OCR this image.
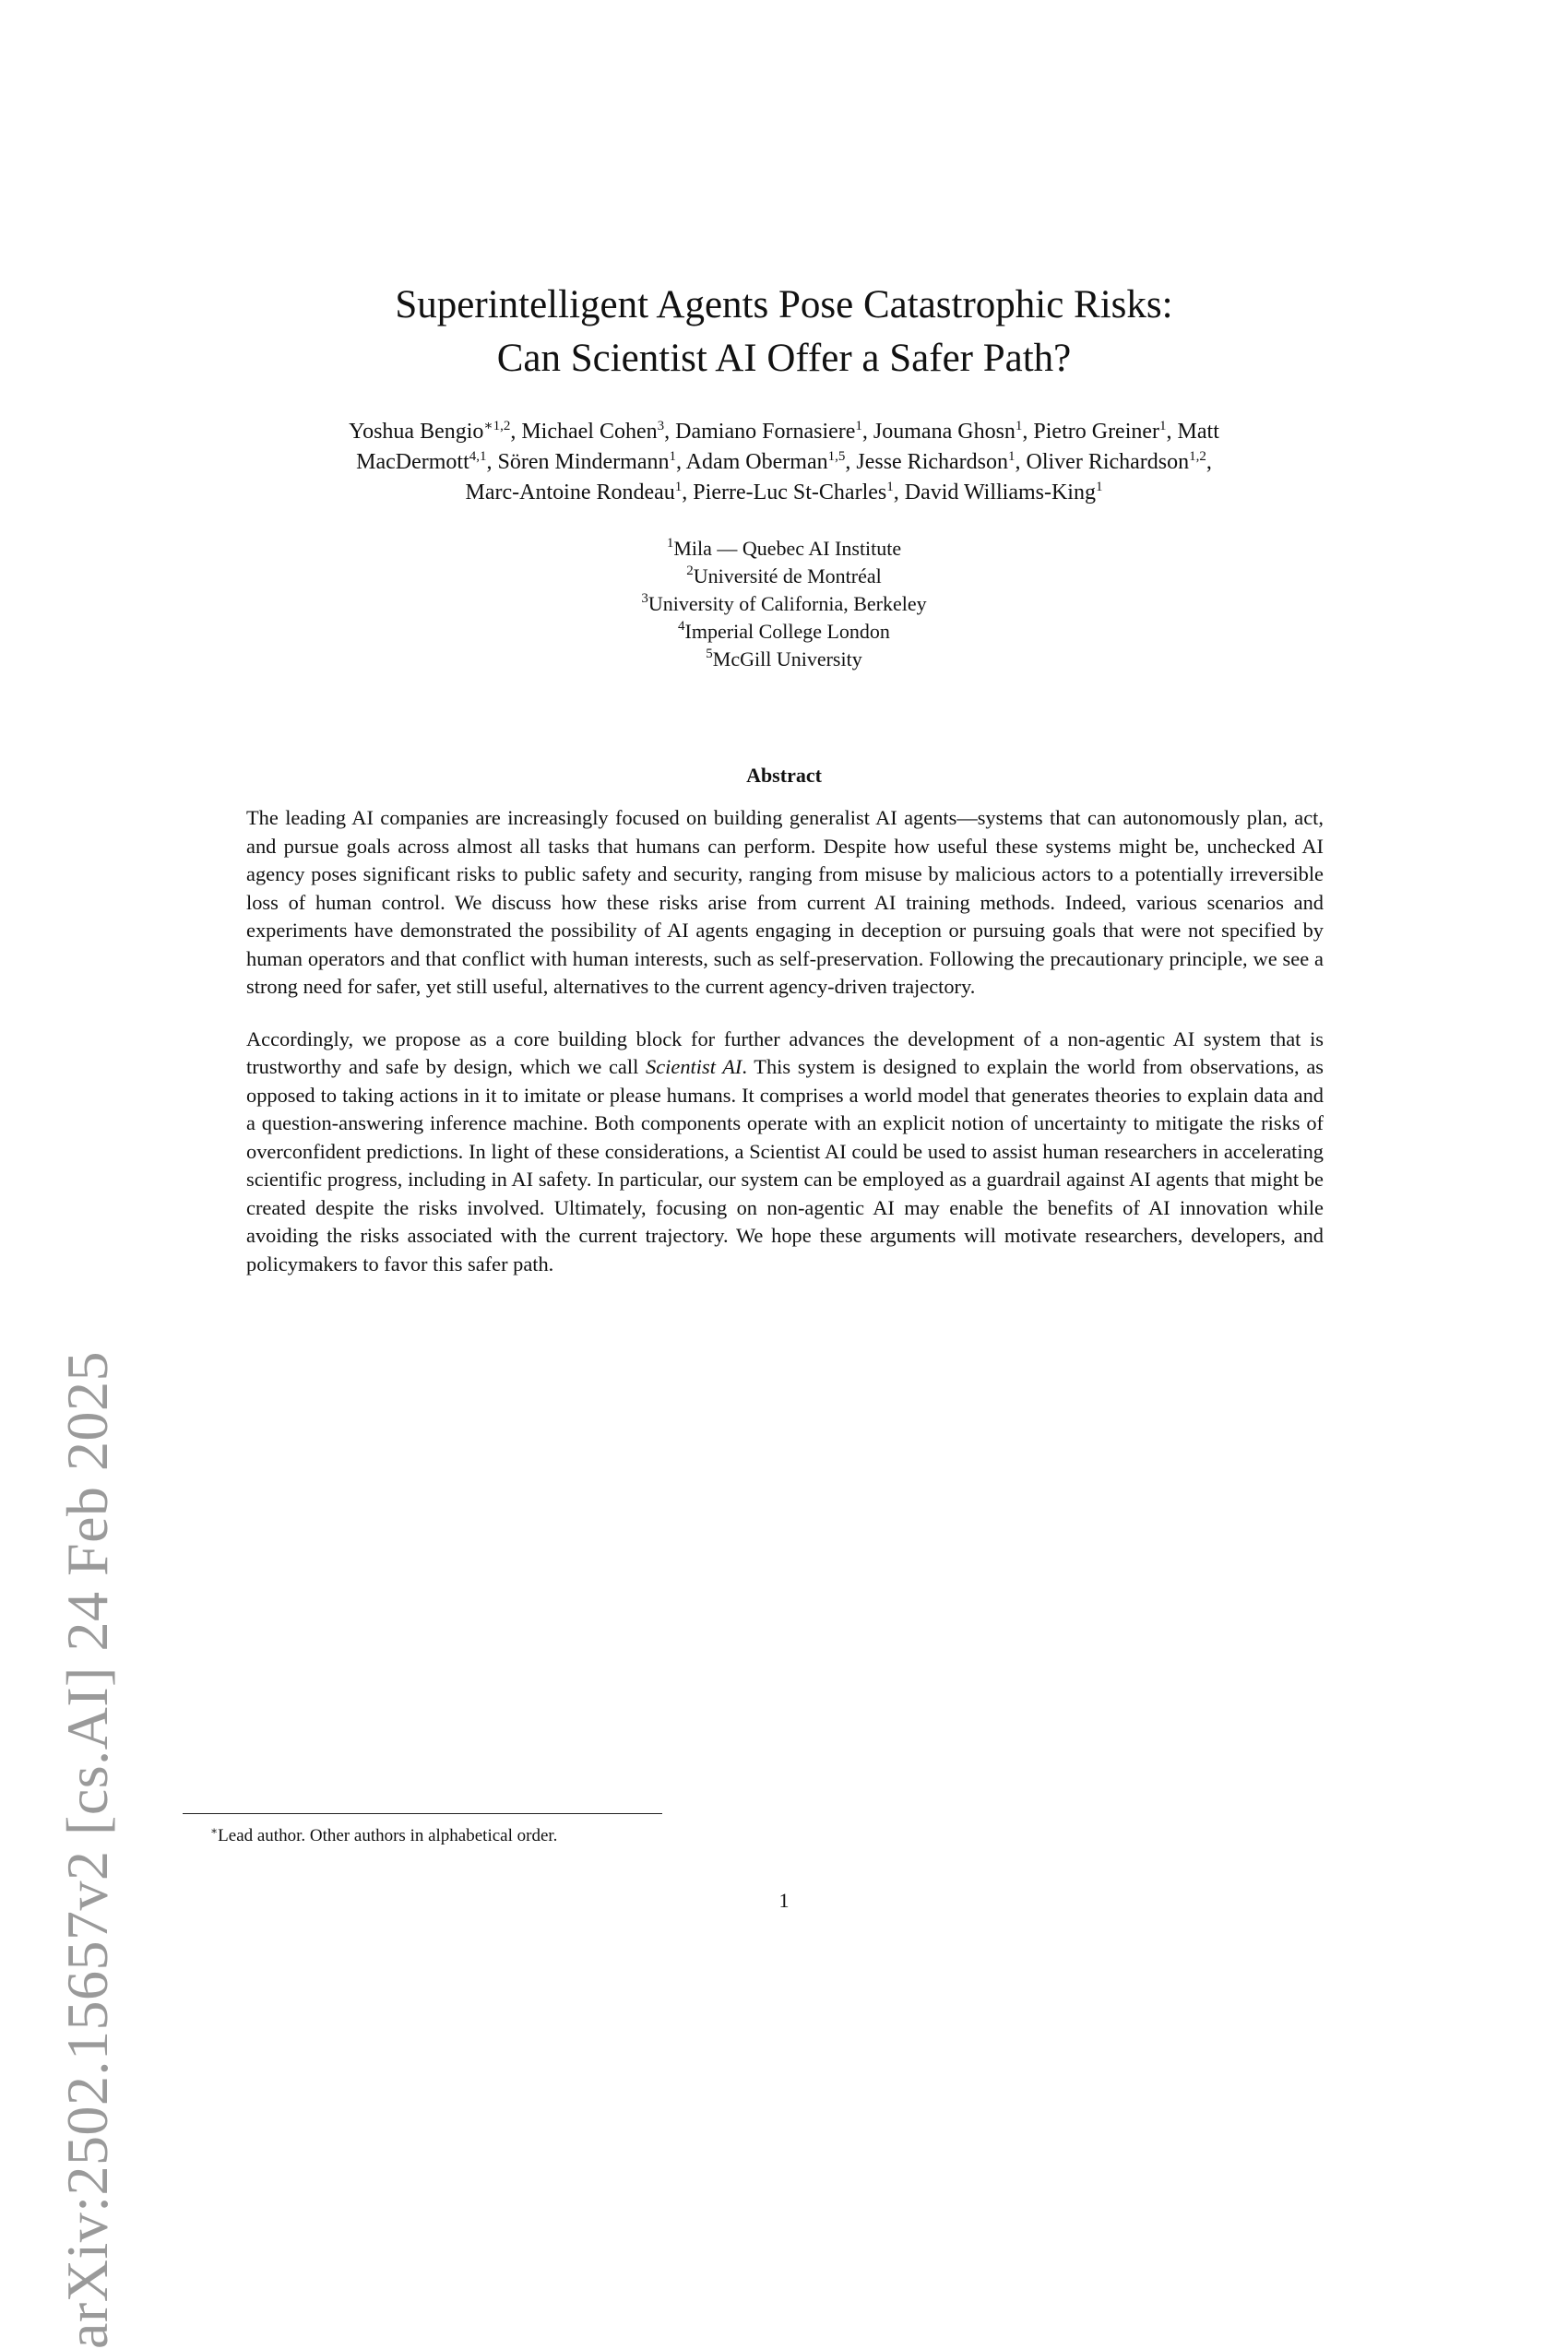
arXiv:2502.15657v2 [cs.AI] 24 Feb 2025
Superintelligent Agents Pose Catastrophic Risks:
Can Scientist AI Offer a Safer Path?
Yoshua Bengio$^{∗1,2}$, Michael Cohen$^3$, Damiano Fornasiere$^1$, Joumana Ghosn$^1$, Pietro Greiner$^1$, Matt
MacDermott$^{4,1}$, Sören Mindermann$^1$, Adam Oberman$^{1,5}$, Jesse Richardson$^1$, Oliver Richardson$^{1,2}$,
Marc-Antoine Rondeau$^1$, Pierre-Luc St-Charles$^1$, David Williams-King$^1$
$^1$Mila — Quebec AI Institute
$^2$Université de Montréal
$^3$University of California, Berkeley
$^4$Imperial College London
$^5$McGill University
Abstract

The leading AI companies are increasingly focused on building generalist AI agents—systems that can autonomously plan, act, and pursue goals across almost all tasks that humans can perform. Despite how useful these systems might be, unchecked AI agency poses significant risks to public safety and security, ranging from misuse by malicious actors to a potentially irreversible loss of human control. We discuss how these risks arise from current AI training methods. Indeed, various scenarios and experiments have demonstrated the possibility of AI agents engaging in deception or pursuing goals that were not specified by human operators and that conflict with human interests, such as self-preservation. Following the precautionary principle, we see a strong need for safer, yet still useful, alternatives to the current agency-driven trajectory.

Accordingly, we propose as a core building block for further advances the development of a non-agentic AI system that is trustworthy and safe by design, which we call Scientist AI. This system is designed to explain the world from observations, as opposed to taking actions in it to imitate or please humans. It comprises a world model that generates theories to explain data and a question-answering inference machine. Both components operate with an explicit notion of uncertainty to mitigate the risks of overconfident predictions. In light of these considerations, a Scientist AI could be used to assist human researchers in accelerating scientific progress, including in AI safety. In particular, our system can be employed as a guardrail against AI agents that might be created despite the risks involved. Ultimately, focusing on non-agentic AI may enable the benefits of AI innovation while avoiding the risks associated with the current trajectory. We hope these arguments will motivate researchers, developers, and policymakers to favor this safer path.

∗Lead author. Other authors in alphabetical order.
1
